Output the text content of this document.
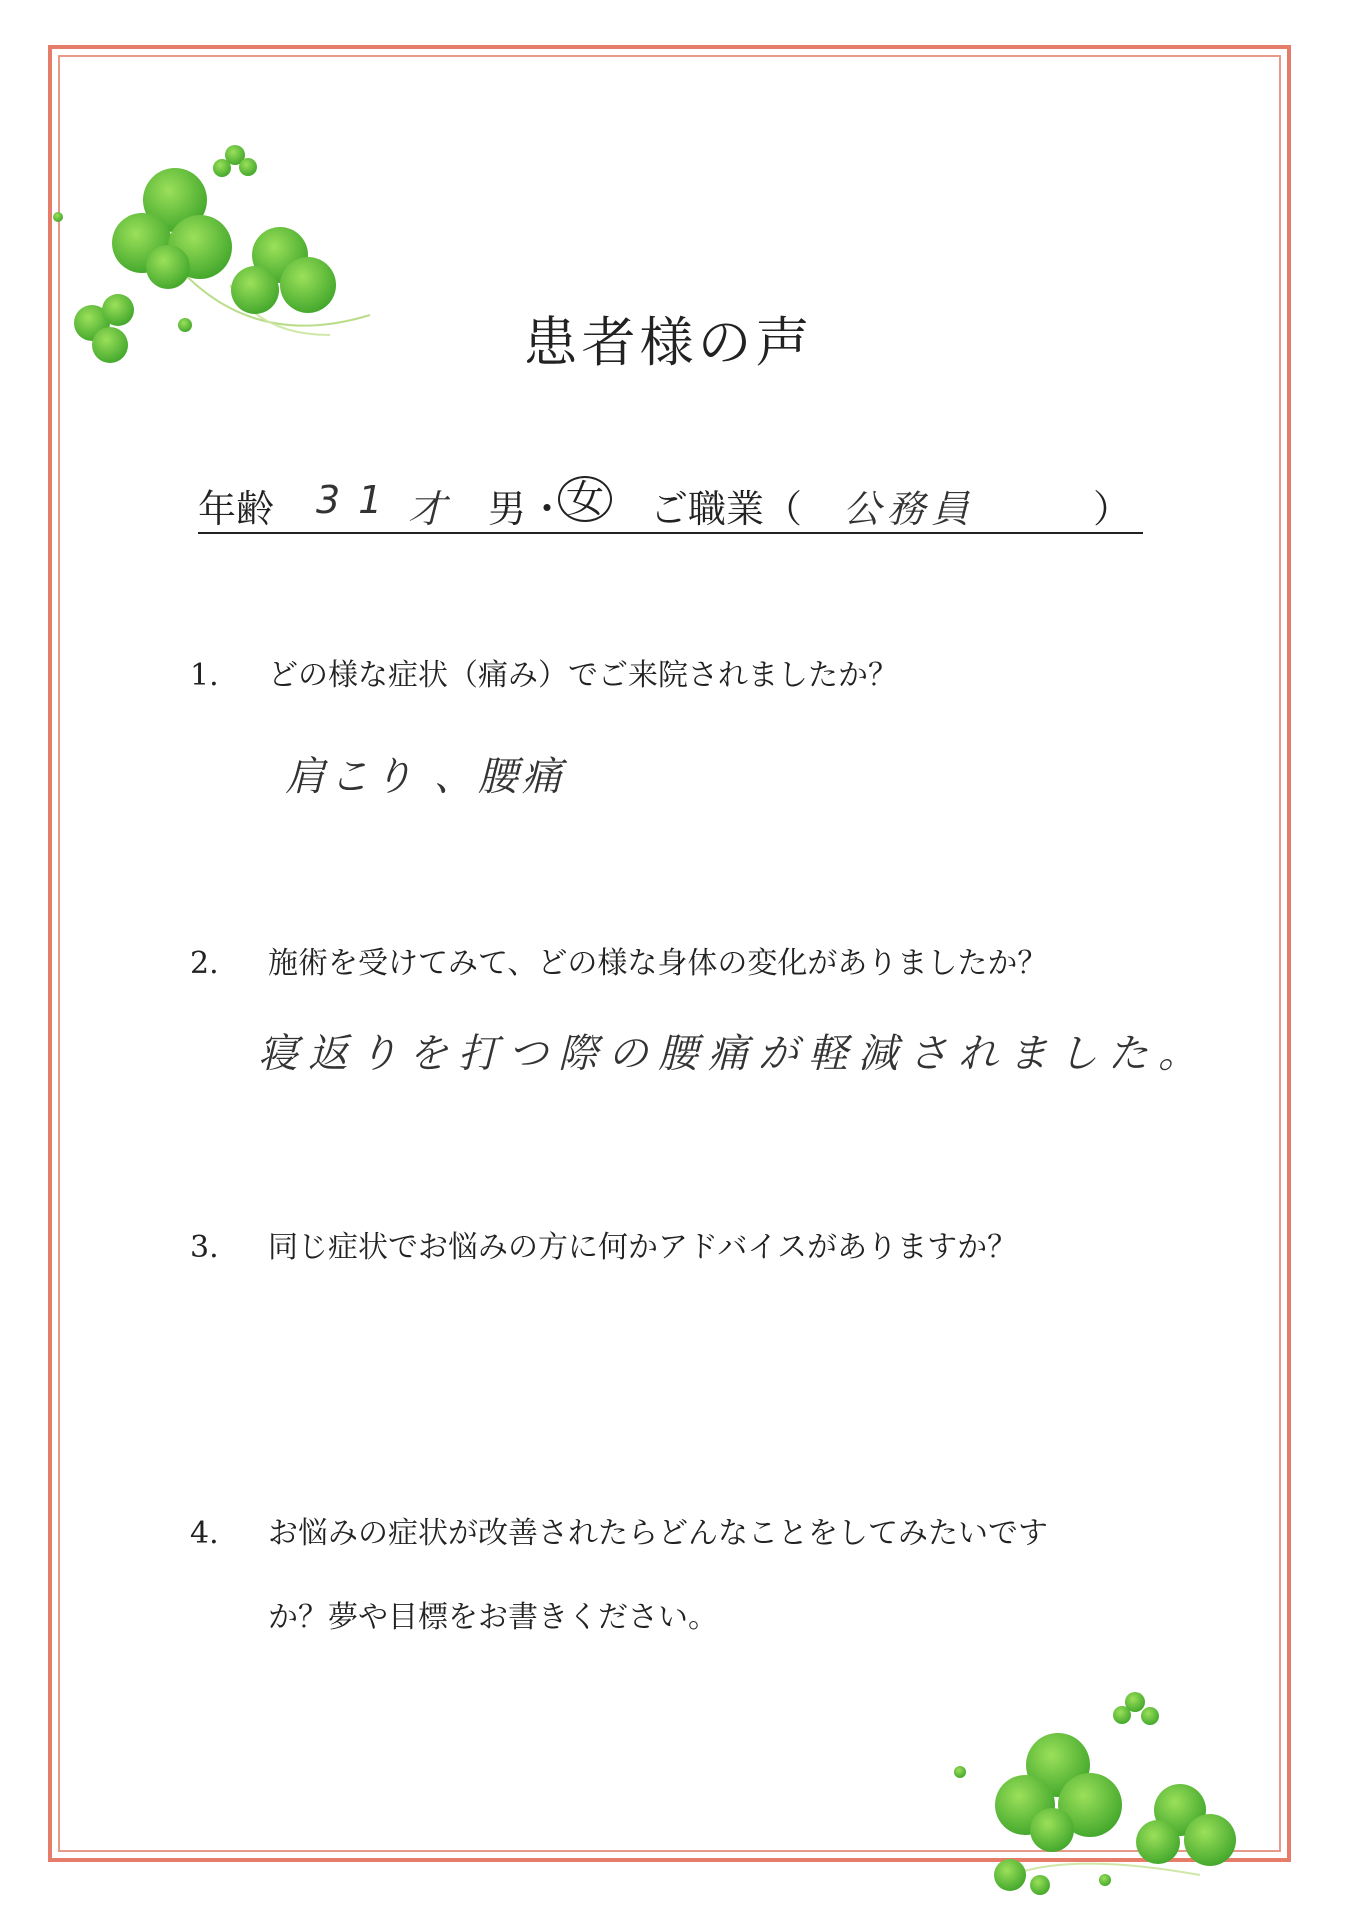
患者様の声
年齢 31 才 男 ・ 女 ご職業（ 公務員	）
1. どの様な症状（痛み）でご来院されましたか？
肩こり 、腰痛
2. 施術を受けてみて、どの様な身体の変化がありましたか？
寝返りを打つ際の腰痛が軽減されました。
3. 同じ症状でお悩みの方に何かアドバイスがありますか？
4. お悩みの症状が改善されたらどんなことをしてみたいです
か？夢や目標をお書きください。
